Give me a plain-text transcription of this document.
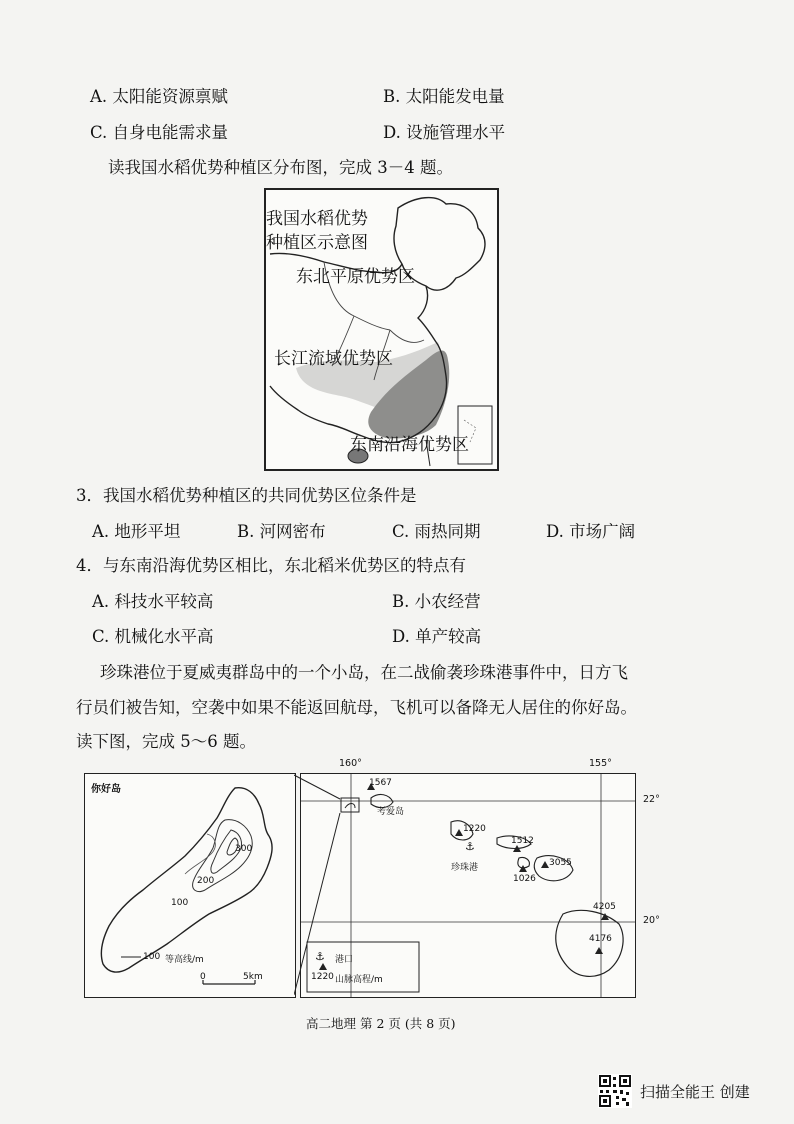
A. 太阳能资源禀赋	B. 太阳能发电量
C. 自身电能需求量	D. 设施管理水平
读我国水稻优势种植区分布图，完成 3－4 题。
我国水稻优势
种植区示意图
东北平原优势区
长江流域优势区
东南沿海优势区
3．我国水稻优势种植区的共同优势区位条件是
A. 地形平坦	B. 河网密布	C. 雨热同期	D. 市场广阔
4．与东南沿海优势区相比，东北稻米优势区的特点有
A. 科技水平较高	B. 小农经营
C. 机械化水平高	D. 单产较高
珍珠港位于夏威夷群岛中的一个小岛，在二战偷袭珍珠港事件中，日方飞
行员们被告知，空袭中如果不能返回航母，飞机可以备降无人居住的你好岛。
读下图，完成 5～6 题。
你好岛
300
200
100
100 等高线/m
0	5km
⚓
⚓
160°	155°
22°
20°
1567
考爱岛
1220
1512
珍珠港	3055
1026
4205
4176
港口
1220 山脉高程/m
高二地理 第 2 页 (共 8 页)
扫描全能王 创建
